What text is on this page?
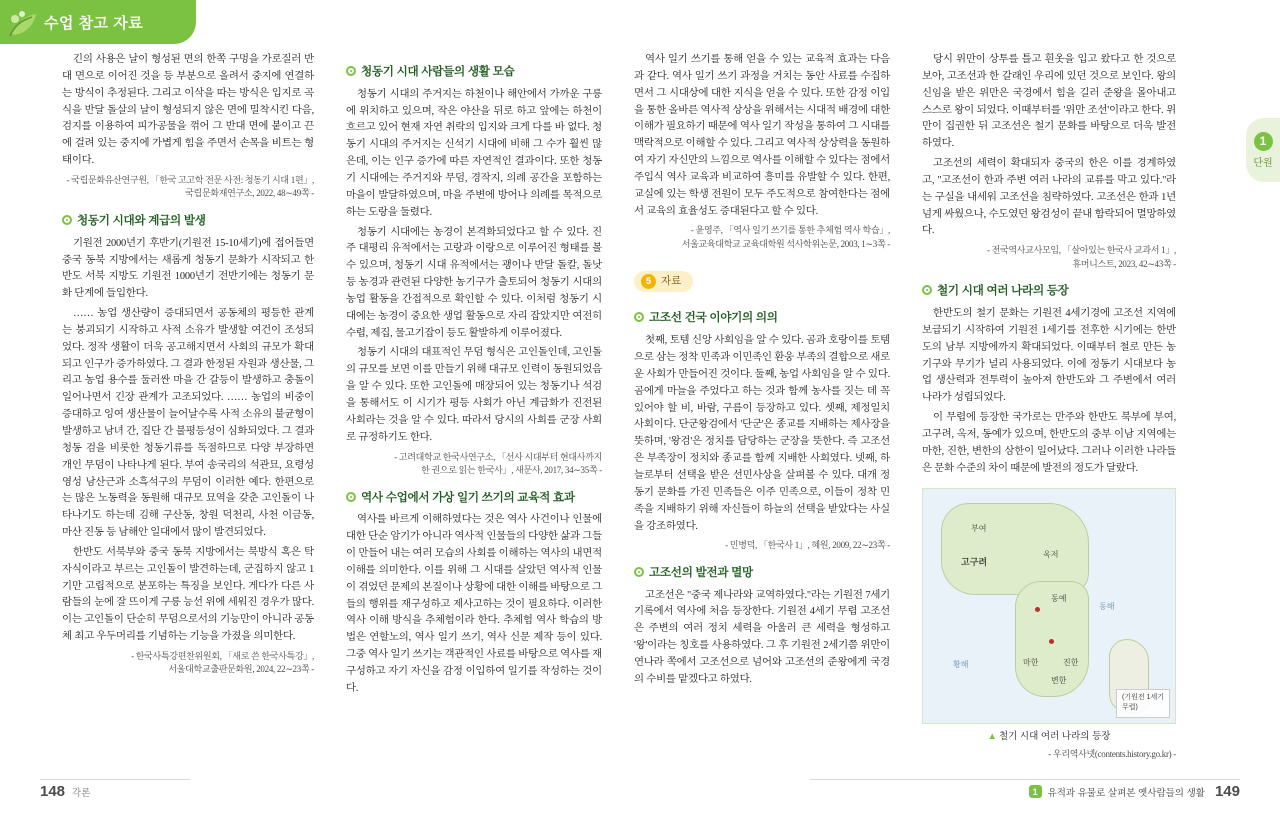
수업 참고 자료
1
단원

긴의 사용은 날이 형성된 면의 한쪽 구멍을 가로질러 반대 면으로 이어진 것을 등 부분으로 올려서 중지에 연결하는 방식이 추정된다. 그리고 이삭을 따는 방식은 입지로 곡식을 반달 돌살의 날이 형성되지 않은 면에 밀착시킨 다음, 검지를 이용하여 피가공물을 꺾어 그 반대 면에 붙이고 끈에 걸려 있는 중지에 가볍게 힘을 주면서 손목을 비트는 형태이다.

- 국립문화유산연구원, 「한국 고고학 전문 사전: 청동기 시대 1편」,
국립문화재연구소, 2022, 48∼49쪽 -
청동기 시대와 계급의 발생

기원전 2000년기 후반기(기원전 15-10세기)에 접어들면 중국 동북 지방에서는 새롭게 청동기 문화가 시작되고 한반도 서북 지방도 기원전 1000년기 전반기에는 청동기 문화 단계에 들입한다.

…… 농업 생산량이 증대되면서 공동체의 평등한 관계는 붕괴되기 시작하고 사적 소유가 발생할 여건이 조성되었다. 정작 생활이 더욱 공고해지면서 사회의 규모가 확대되고 인구가 증가하였다. 그 결과 한정된 자원과 생산물, 그리고 농업 용수를 둘러싼 마을 간 갈등이 발생하고 충돌이 일어나면서 긴장 관계가 고조되었다. …… 농업의 비중이 증대하고 잉여 생산물이 늘어날수록 사적 소유의 불균형이 발생하고 남녀 간, 집단 간 불평등성이 심화되었다. 그 결과 청동 검을 비롯한 청동기류를 독점하므로 다양 부장하면 개인 무덤이 나타나게 된다. 부여 송국리의 석관묘, 요령성 영성 남산근과 소흑석구의 무덤이 이러한 예다. 한편으로는 많은 노동력을 동원해 대규모 묘역을 갖춘 고인돌이 나타나기도 하는데 김해 구산동, 창원 덕천리, 사천 이금동, 마산 진동 등 남해안 일대에서 많이 발견되었다.

한반도 서북부와 중국 동북 지방에서는 북방식 혹은 탁자식이라고 부르는 고인돌이 발견하는데, 군집하지 않고 1기만 고립적으로 분포하는 특징을 보인다. 게다가 다른 사람들의 눈에 잘 뜨이게 구릉 능선 위에 세워진 경우가 많다. 이는 고인돌이 단순히 무덤으로서의 기능만이 아니라 공동체 최고 우두머리를 기념하는 기능을 가졌을 의미한다.

- 한국사특강편찬위원회, 「새로 쓴 한국사특강」,
서울대학교출판문화원, 2024, 22∼23쪽 -
청동기 시대 사람들의 생활 모습

청동기 시대의 주거지는 하천이나 해안에서 가까운 구릉에 위치하고 있으며, 작은 야산을 뒤로 하고 앞에는 하천이 흐르고 있어 현재 자연 취락의 입지와 크게 다를 바 없다. 청동기 시대의 주거지는 신석기 시대에 비해 그 수가 훨씬 많은데, 이는 인구 증가에 따른 자연적인 결과이다. 또한 청동기 시대에는 주거지와 무덤, 경작지, 의례 공간을 포함하는 마을이 발달하였으며, 마을 주변에 방어나 의례를 목적으로 하는 도랑을 둘렸다.

청동기 시대에는 농경이 본격화되었다고 할 수 있다. 진주 대평리 유적에서는 고랑과 이랑으로 이루어진 형태를 볼 수 있으며, 청동기 시대 유적에서는 괭이나 반달 돌칼, 돌낫 등 농경과 관련된 다양한 농기구가 출토되어 청동기 시대의 농업 활동을 간접적으로 확인할 수 있다. 이처럼 청동기 시대에는 농경이 중요한 생업 활동으로 자리 잡았지만 여전히 수렵, 제집, 물고기잡이 등도 활발하게 이루어졌다.

청동기 시대의 대표적인 무덤 형식은 고인돌인데, 고인돌의 규모를 보면 이를 만들기 위해 대규모 인력이 동원되었음을 알 수 있다. 또한 고인돌에 매장되어 있는 청동기나 석검을 통해서도 이 시기가 평등 사회가 아닌 계급화가 진전된 사회라는 것을 알 수 있다. 따라서 당시의 사회를 군장 사회로 규정하기도 한다.

- 고려대학교 한국사연구소, 「선사 시대부터 현대사까지
한 권으로 읽는 한국사」, 새문사, 2017, 34∼35쪽 -
역사 수업에서 가상 일기 쓰기의 교육적 효과

역사를 바르게 이해하였다는 것은 역사 사건이나 인물에 대한 단순 암기가 아니라 역사적 인물들의 다양한 삶과 그들이 만들어 내는 여러 모습의 사회를 이해하는 역사의 내면적 이해를 의미한다. 이를 위해 그 시대를 살았던 역사적 인물이 겪었던 문제의 본질이나 상황에 대한 이해를 바탕으로 그들의 행위를 재구성하고 제사고하는 것이 필요하다. 이러한 역사 이해 방식을 추체험이라 한다. 추체험 역사 학습의 방법은 연할노의, 역사 일기 쓰기, 역사 신문 제작 등이 있다. 그중 역사 일기 쓰기는 객관적인 사료를 바탕으로 역사를 재구성하고 자기 자신을 감정 이입하여 일기를 작성하는 것이다.

역사 일기 쓰기를 통해 얻을 수 있는 교육적 효과는 다음과 같다. 역사 일기 쓰기 과정을 거치는 동안 사료를 수집하면서 그 시대상에 대한 지식을 얻을 수 있다. 또한 감정 이입을 통한 올바른 역사적 상상을 위해서는 시대적 배경에 대한 이해가 필요하기 때문에 역사 일기 작성을 통하여 그 시대를 맥락적으로 이해할 수 있다. 그리고 역사적 상상력을 동원하여 자기 자신만의 느낌으로 역사를 이해할 수 있다는 점에서 주입식 역사 교육과 비교하여 흥미를 유발할 수 있다. 한편, 교실에 있는 학생 전원이 모두 주도적으로 참여한다는 점에서 교육의 효율성도 증대된다고 할 수 있다.

- 윤영주, 「역사 일기 쓰기를 통한 추체험 역사 학습」,
서울교육대학교 교육대학원 석사학위논문, 2003, 1∼3쪽 -
5 자료
고조선 건국 이야기의 의의

첫째, 토템 신앙 사회임을 알 수 있다. 곰과 호랑이를 토템으로 삼는 정착 민족과 이민족인 환웅 부족의 결합으로 새로운 사회가 만들어진 것이다. 둘째, 농업 사회임을 알 수 있다. 곰에게 마늘을 주었다고 하는 것과 함께 농사를 짓는 데 꼭 있어야 할 비, 바람, 구름이 등장하고 있다. 셋째, 제정일치 사회이다. 단군왕검에서 '단군'은 종교를 지배하는 제사장을 뜻하며, '왕검'은 정치를 담당하는 군장을 뜻한다. 즉 고조선은 부족장이 정치와 종교를 함께 지배한 사회였다. 넷째, 하늘로부터 선택을 받은 선민사상을 살펴볼 수 있다. 대개 정동기 문화를 가진 민족들은 이주 민족으로, 이들이 정착 민족을 지배하기 위해 자신들이 하늘의 선택을 받았다는 사실을 강조하였다.

- 민병덕, 「한국사 1」, 혜원, 2009, 22∼23쪽 -
고조선의 발전과 멸망

고조선은 "중국 제나라와 교역하였다."라는 기원전 7세기 기록에서 역사에 처음 등장한다. 기원전 4세기 무렵 고조선은 주변의 여러 정치 세력을 아울러 큰 세력을 형성하고 '왕'이라는 칭호를 사용하였다. 그 후 기원전 2세기쯤 위만이 연나라 쪽에서 고조선으로 넘어와 고조선의 준왕에게 국경의 수비를 맡겠다고 하였다.

당시 위만이 상투를 틀고 흰옷을 입고 왔다고 한 것으로 보아, 고조선과 한 갈래인 우리에 있던 것으로 보인다. 왕의 신임을 받은 위만은 국경에서 힘을 길러 준왕을 몰아내고 스스로 왕이 되었다. 이때부터를 '위만 조선'이라고 한다. 위만이 집권한 뒤 고조선은 철기 문화를 바탕으로 더욱 발전하였다.

고조선의 세력이 확대되자 중국의 한은 이를 경계하였고, "고조선이 한과 주변 여러 나라의 교류를 막고 있다."라는 구실을 내세워 고조선을 침략하였다. 고조선은 한과 1년 넘게 싸웠으나, 수도였던 왕검성이 끝내 함락되어 멸망하였다.

- 전국역사교사모임, 「살아있는 한국사 교과서 1」,
휴머니스트, 2023, 42∼43쪽 -
철기 시대 여러 나라의 등장

한반도의 철기 문화는 기원전 4세기경에 고조선 지역에 보급되기 시작하여 기원전 1세기를 전후한 시기에는 한반도의 남부 지방에까지 확대되었다. 이때부터 철로 만든 농기구와 무기가 널리 사용되었다. 이에 정동기 시대보다 농업 생산력과 전투력이 높아져 한반도와 그 주변에서 여러 나라가 성립되었다.

이 무렵에 등장한 국가로는 만주와 한반도 북부에 부여, 고구려, 옥저, 동예가 있으며, 한반도의 중부 이남 지역에는 마한, 진한, 변한의 삼한이 일어났다. 그러나 이러한 나라들은 문화 수준의 차이 때문에 발전의 정도가 달랐다.

부여
고구려
옥저
동예
마한
변한
진한
동해
황해
(기원전 1세기
무렵)
▲ 철기 시대 여러 나라의 등장
- 우리역사넷(contents.history.go.kr) -
148 각론	1	유적과 유물로 살펴본 옛사람들의 생활 149
